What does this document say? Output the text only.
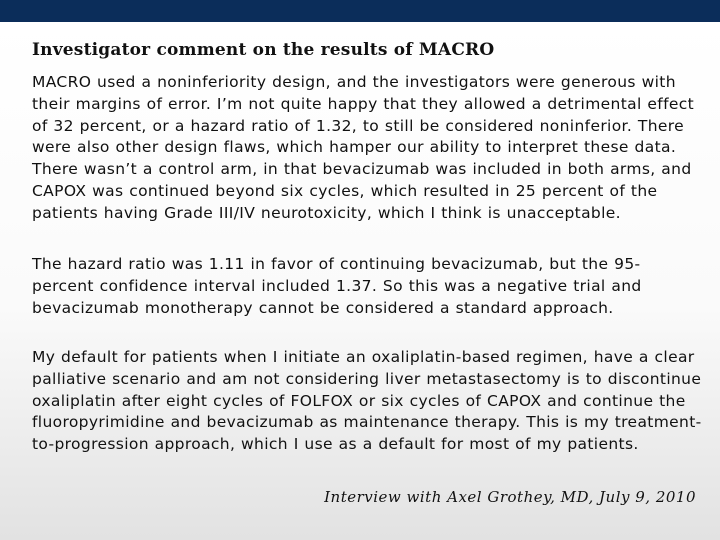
Investigator comment on the results of MACRO

MACRO used a noninferiority design, and the investigators were generous with their margins of error. I’m not quite happy that they allowed a detrimental effect of 32 percent, or a hazard ratio of 1.32, to still be considered noninferior. There were also other design flaws, which hamper our ability to interpret these data. There wasn’t a control arm, in that bevacizumab was included in both arms, and CAPOX was continued beyond six cycles, which resulted in 25 percent of the patients having Grade III/IV neurotoxicity, which I think is unacceptable.

The hazard ratio was 1.11 in favor of continuing bevacizumab, but the 95-percent confidence interval included 1.37. So this was a negative trial and bevacizumab monotherapy cannot be considered a standard approach.

My default for patients when I initiate an oxaliplatin-based regimen, have a clear palliative scenario and am not considering liver metastasectomy is to discontinue oxaliplatin after eight cycles of FOLFOX or six cycles of CAPOX and continue the fluoropyrimidine and bevacizumab as maintenance therapy. This is my treatment-to-progression approach, which I use as a default for most of my patients.

Interview with Axel Grothey, MD, July 9, 2010
